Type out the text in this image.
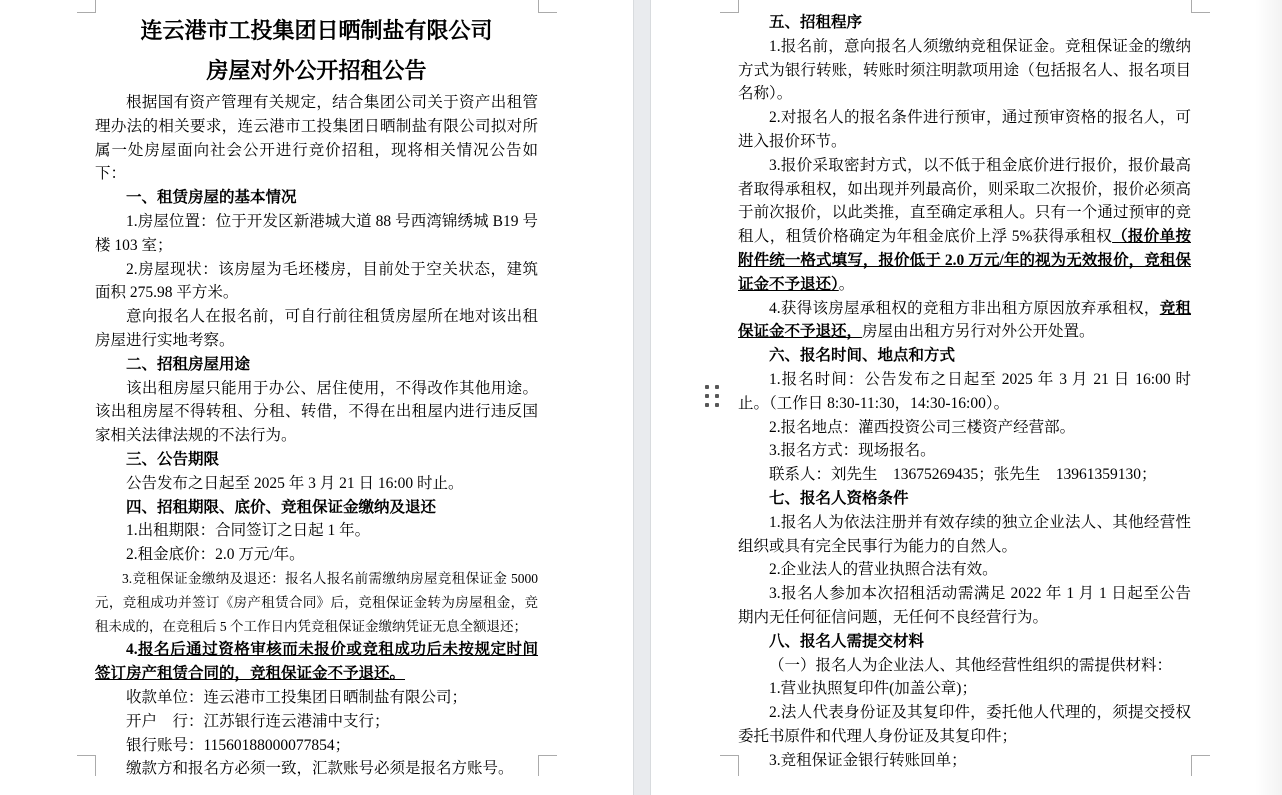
连云港市工投集团日晒制盐有限公司

房屋对外公开招租公告

根据国有资产管理有关规定，结合集团公司关于资产出租管理办法的相关要求，连云港市工投集团日晒制盐有限公司拟对所属一处房屋面向社会公开进行竞价招租，现将相关情况公告如下：

一、租赁房屋的基本情况

1.房屋位置：位于开发区新港城大道 88 号西湾锦绣城 B19 号楼 103 室；

2.房屋现状：该房屋为毛坯楼房，目前处于空关状态，建筑面积 275.98 平方米。

意向报名人在报名前，可自行前往租赁房屋所在地对该出租房屋进行实地考察。

二、招租房屋用途

该出租房屋只能用于办公、居住使用，不得改作其他用途。该出租房屋不得转租、分租、转借，不得在出租屋内进行违反国家相关法律法规的不法行为。

三、公告期限

公告发布之日起至 2025 年 3 月 21 日 16:00 时止。

四、招租期限、底价、竞租保证金缴纳及退还

1.出租期限：合同签订之日起 1 年。

2.租金底价：2.0 万元/年。

3.竞租保证金缴纳及退还：报名人报名前需缴纳房屋竞租保证金 5000 元，竞租成功并签订《房产租赁合同》后，竞租保证金转为房屋租金，竞租未成的，在竞租后 5 个工作日内凭竞租保证金缴纳凭证无息全额退还；

4.报名后通过资格审核而未报价或竞租成功后未按规定时间签订房产租赁合同的，竞租保证金不予退还。

收款单位：连云港市工投集团日晒制盐有限公司；

开户　行：江苏银行连云港浦中支行；

银行账号：11560188000077854；

缴款方和报名方必须一致，汇款账号必须是报名方账号。

五、招租程序

1.报名前，意向报名人须缴纳竞租保证金。竞租保证金的缴纳方式为银行转账，转账时须注明款项用途（包括报名人、报名项目名称）。

2.对报名人的报名条件进行预审，通过预审资格的报名人，可进入报价环节。

3.报价采取密封方式，以不低于租金底价进行报价，报价最高者取得承租权，如出现并列最高价，则采取二次报价，报价必须高于前次报价，以此类推，直至确定承租人。只有一个通过预审的竞租人，租赁价格确定为年租金底价上浮 5%获得承租权（报价单按附件统一格式填写，报价低于 2.0 万元/年的视为无效报价，竞租保证金不予退还）。

4.获得该房屋承租权的竞租方非出租方原因放弃承租权，竞租保证金不予退还，房屋由出租方另行对外公开处置。

六、报名时间、地点和方式

1.报名时间：公告发布之日起至 2025 年 3 月 21 日 16:00 时止。（工作日 8:30-11:30，14:30-16:00）。

2.报名地点：灌西投资公司三楼资产经营部。

3.报名方式：现场报名。

联系人：刘先生　13675269435；张先生　13961359130；

七、报名人资格条件

1.报名人为依法注册并有效存续的独立企业法人、其他经营性组织或具有完全民事行为能力的自然人。

2.企业法人的营业执照合法有效。

3.报名人参加本次招租活动需满足 2022 年 1 月 1 日起至公告期内无任何征信问题，无任何不良经营行为。

八、报名人需提交材料

（一）报名人为企业法人、其他经营性组织的需提供材料：

1.营业执照复印件(加盖公章)；

2.法人代表身份证及其复印件，委托他人代理的，须提交授权委托书原件和代理人身份证及其复印件；

3.竞租保证金银行转账回单；
